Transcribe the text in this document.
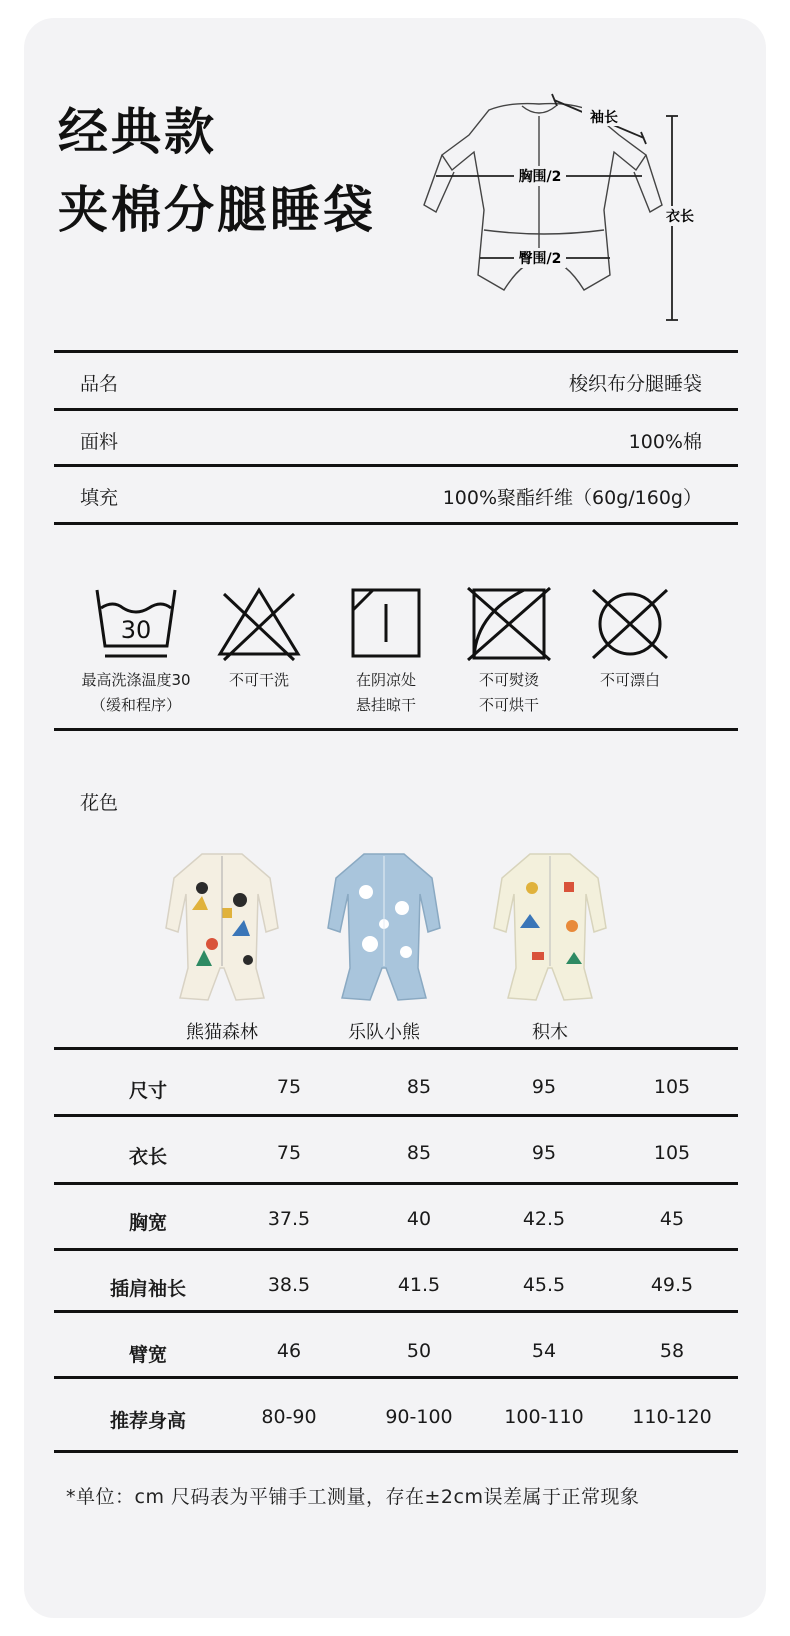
经典款
夹棉分腿睡袋
袖长
胸围/2
臀围/2
衣长
品名	梭织布分腿睡袋
面料	100%棉
填充	100%聚酯纤维（60g/160g）
30
最高洗涤温度30
（缓和程序）
不可干洗	在阴凉处
悬挂晾干
不可熨烫
不可烘干
不可漂白
花色
熊猫森林	乐队小熊	积木
*单位：cm 尺码表为平铺手工测量，存在±2cm误差属于正常现象
尺寸	75	85	95	105
衣长	75	85	95	105
胸宽	37.5	40	42.5	45
插肩袖长	38.5	41.5	45.5	49.5
臂宽	46	50	54	58
推荐身高	80-90	90-100	100-110	110-120
